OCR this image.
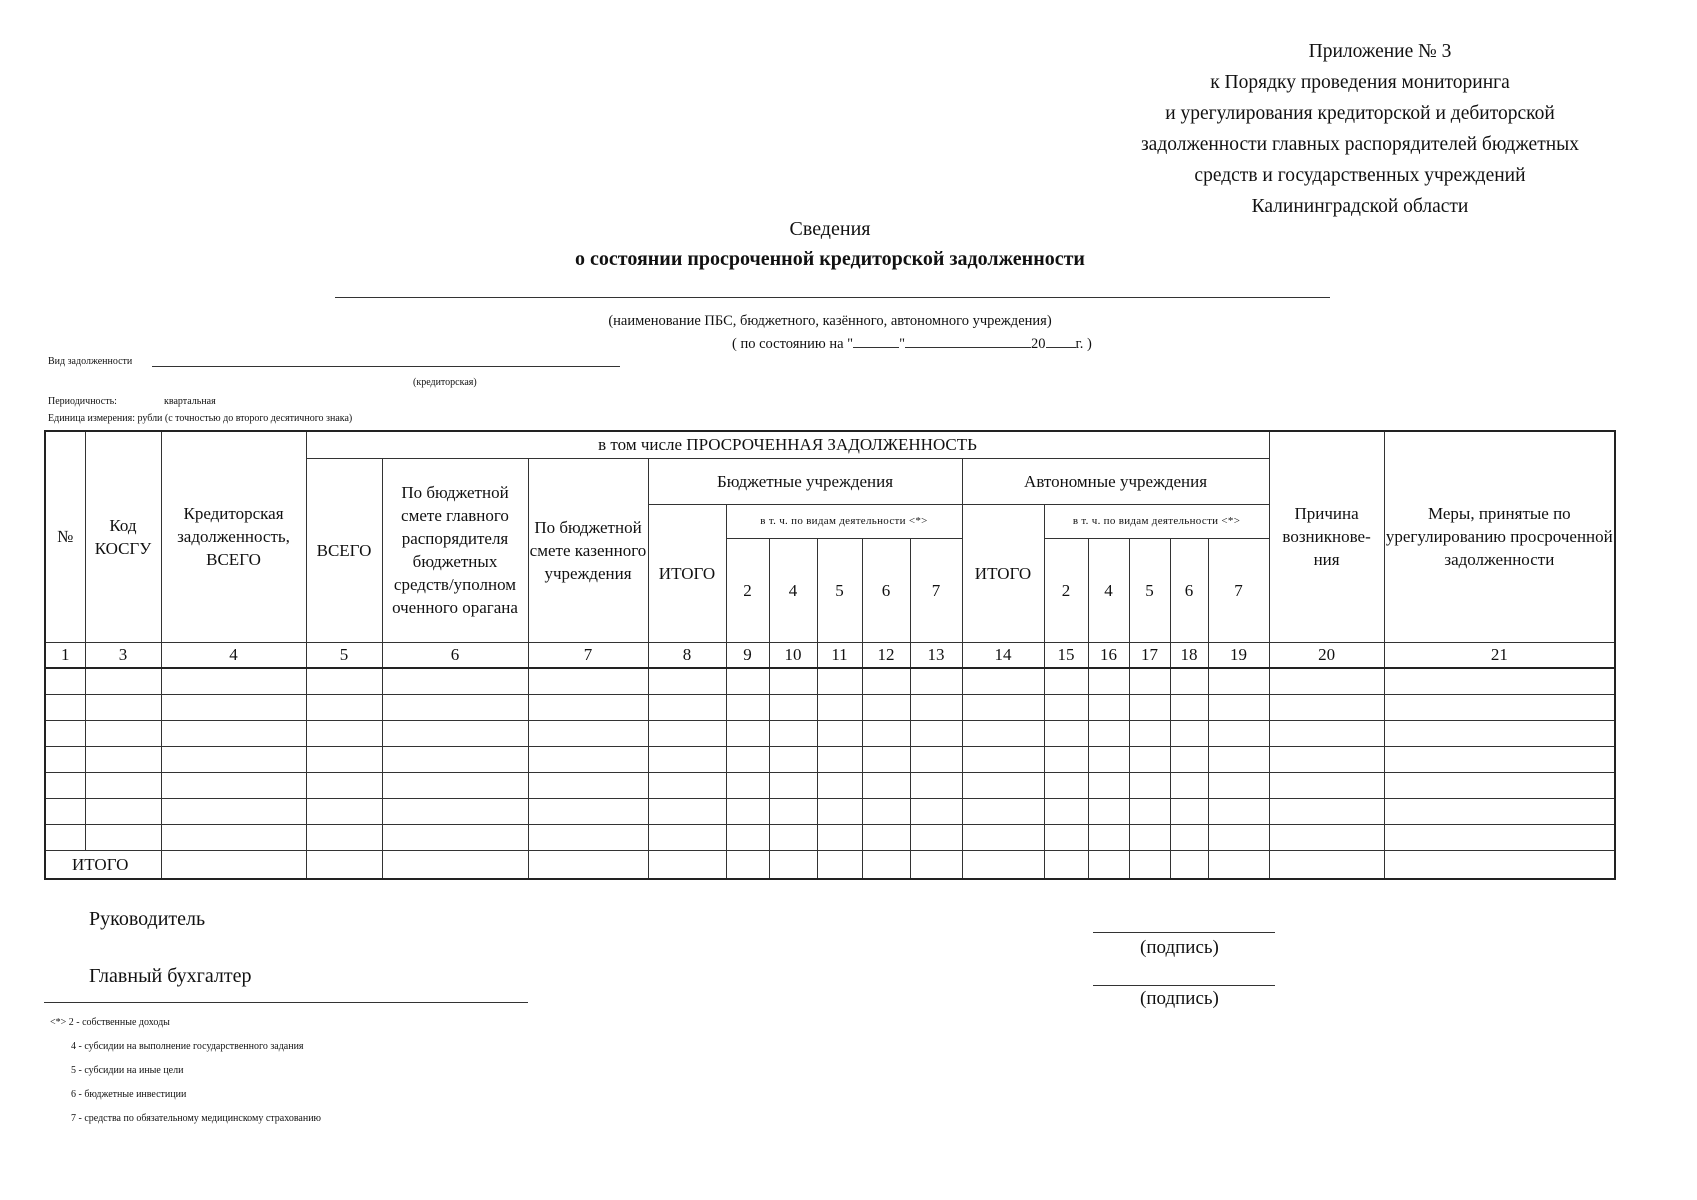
Приложение № 3
к Порядку проведения мониторинга
и урегулирования кредиторской и дебиторской
задолженности главных распорядителей бюджетных
средств и государственных учреждений
Калининградской области
Сведения
о состоянии просроченной кредиторской задолженности
(наименование ПБС, бюджетного, казённого, автономного учреждения)
( по состоянию на "	"	20 г. )
Вид задолженности
(кредиторская)
Периодичность:	квартальная
Единица измерения: рубли (с точностью до второго десятичного знака)
№	Код КОСГУ	Кредиторская задолженность, ВСЕГО	в том числе ПРОСРОЧЕННАЯ ЗАДОЛЖЕННОСТЬ															Причина возникнове-ния	Меры, принятые по урегулированию просроченной задолженности
			ВСЕГО	По бюджетной смете главного распорядителя бюджетных средств/уполном оченного орагана	По бюджетной смете казенного учреждения	Бюджетные учреждения						Автономные учреждения							
						ИТОГО	в т. ч. по видам деятельности <*>					ИТОГО	в т. ч. по видам деятельности <*>						
							2	4	5	6	7		2	4	5	6	7		
1	3	4	5	6	7	8	9	10	11	12	13	14	15	16	17	18	19	20	21

ИТОГО																			
Руководитель
(подпись)
Главный бухгалтер
(подпись)
<*> 2 - собственные доходы
4 - субсидии на выполнение государственного задания
5 - субсидии на иные цели
6 - бюджетные инвестиции
7 - средства по обязательному медицинскому страхованию
